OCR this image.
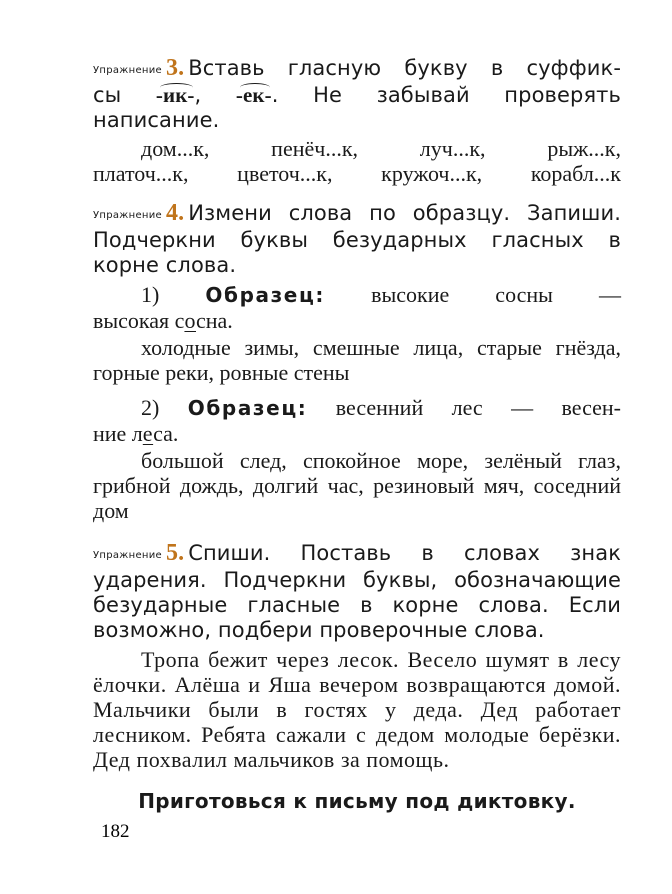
Упражнение 3. Вставь гласную букву в суффик-
сы
-ик-,
-ек-. Не забывай проверять
написание.
дом...к, пенёч...к, луч...к, рыж...к,
платоч...к, цветоч...к, кружоч...к, корабл...к
Упражнение 4. Измени слова по образцу. Запиши. Подчеркни буквы безударных гласных в корне слова.
1) Образец: высокие сосны —
высокая сосна.
холодные зимы, смешные лица, старые гнёзда, горные реки, ровные стены
2) Образец: весенний лес — весен-
ние леса.
большой след, спокойное море, зелёный глаз, грибной дождь, долгий час, резиновый мяч, соседний дом
Упражнение 5. Спиши. Поставь в словах знак ударения. Подчеркни буквы, обозначающие безударные гласные в корне слова. Если возможно, подбери проверочные слова.
Тропа бежит через лесок. Весело шумят в лесу ёлочки. Алёша и Яша вечером возвращаются домой. Мальчики были в гостях у деда. Дед работает лесником. Ребята сажали с дедом молодые берёзки. Дед похвалил мальчиков за помощь.
Приготовься к письму под диктовку.
182
